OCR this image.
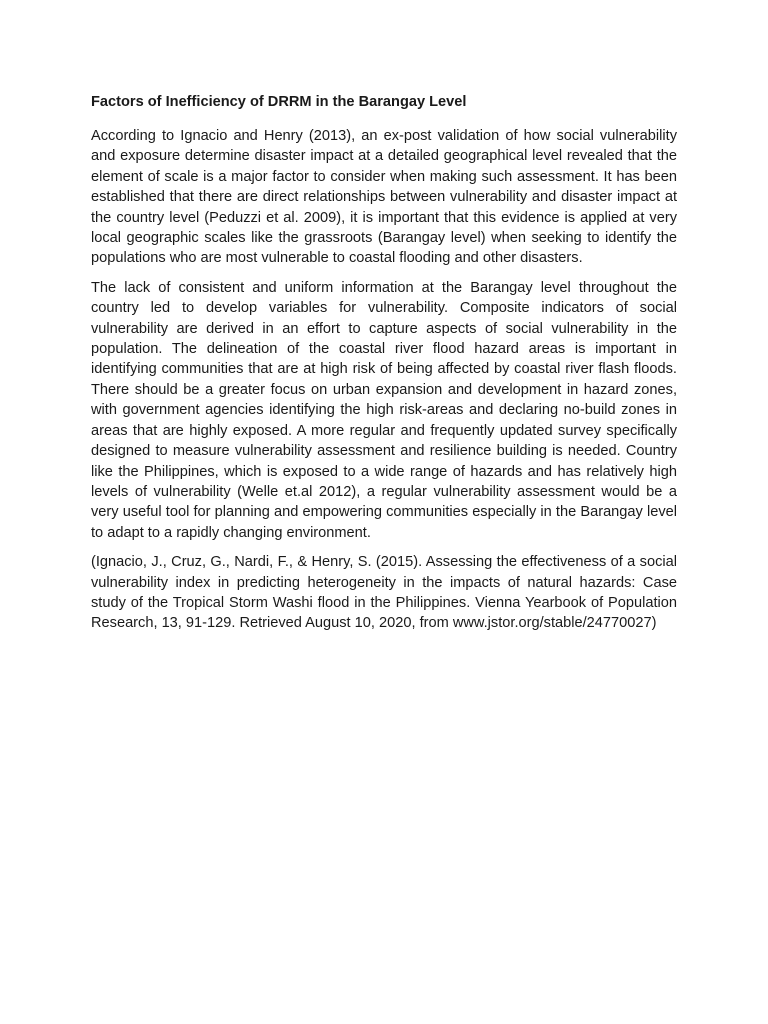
Factors of Inefficiency of DRRM in the Barangay Level

According to Ignacio and Henry (2013), an ex-post validation of how social vulnerability and exposure determine disaster impact at a detailed geographical level revealed that the element of scale is a major factor to consider when making such assessment. It has been established that there are direct relationships between vulnerability and disaster impact at the country level (Peduzzi et al. 2009), it is important that this evidence is applied at very local geographic scales like the grassroots (Barangay level) when seeking to identify the populations who are most vulnerable to coastal flooding and other disasters.

The lack of consistent and uniform information at the Barangay level throughout the country led to develop variables for vulnerability. Composite indicators of social vulnerability are derived in an effort to capture aspects of social vulnerability in the population. The delineation of the coastal river flood hazard areas is important in identifying communities that are at high risk of being affected by coastal river flash floods. There should be a greater focus on urban expansion and development in hazard zones, with government agencies identifying the high risk-areas and declaring no-build zones in areas that are highly exposed. A more regular and frequently updated survey specifically designed to measure vulnerability assessment and resilience building is needed. Country like the Philippines, which is exposed to a wide range of hazards and has relatively high levels of vulnerability (Welle et.al 2012), a regular vulnerability assessment would be a very useful tool for planning and empowering communities especially in the Barangay level to adapt to a rapidly changing environment.

(Ignacio, J., Cruz, G., Nardi, F., & Henry, S. (2015). Assessing the effectiveness of a social vulnerability index in predicting heterogeneity in the impacts of natural hazards: Case study of the Tropical Storm Washi flood in the Philippines. Vienna Yearbook of Population Research, 13, 91-129. Retrieved August 10, 2020, from www.jstor.org/stable/24770027)
